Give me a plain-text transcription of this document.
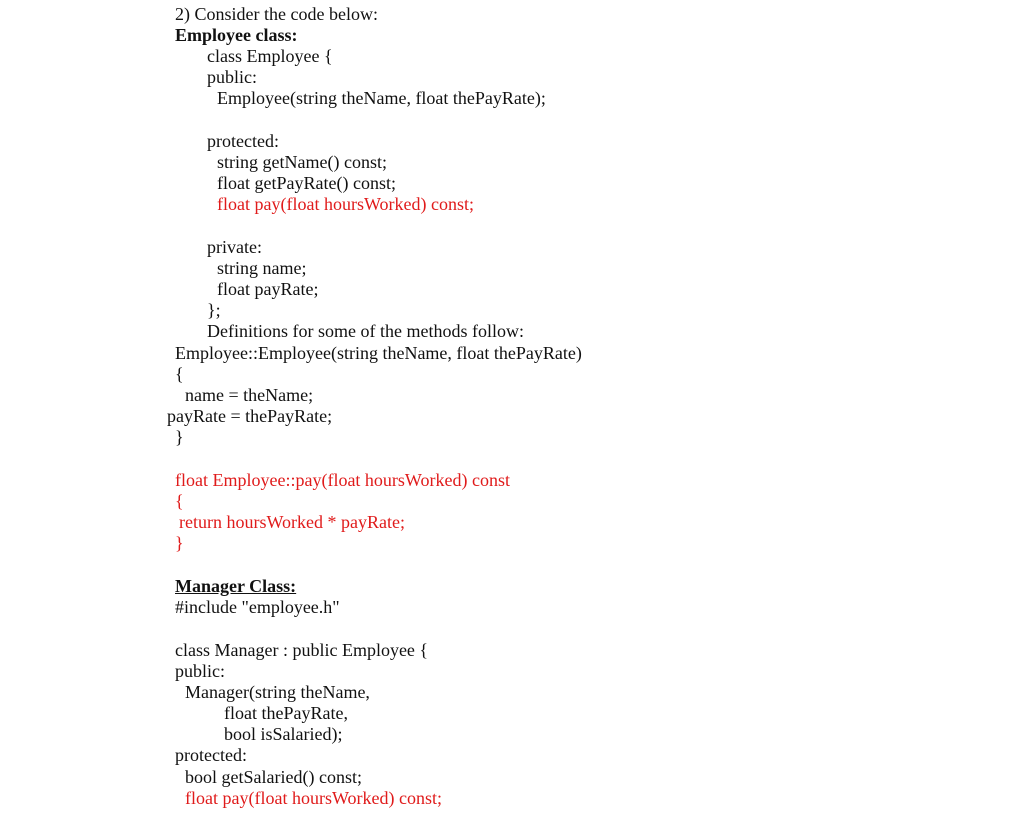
2) Consider the code below:
Employee class:
class Employee {
public:
Employee(string theName, float thePayRate);
protected:
string getName() const;
float getPayRate() const;
float pay(float hoursWorked) const;
private:
string name;
float payRate;
};
Definitions for some of the methods follow:
Employee::Employee(string theName, float thePayRate)
{
name = theName;
payRate = thePayRate;
}
float Employee::pay(float hoursWorked) const
{
return hoursWorked * payRate;
}
Manager Class:
#include "employee.h"
class Manager : public Employee {
public:
Manager(string theName,
float thePayRate,
bool isSalaried);
protected:
bool getSalaried() const;
float pay(float hoursWorked) const;
